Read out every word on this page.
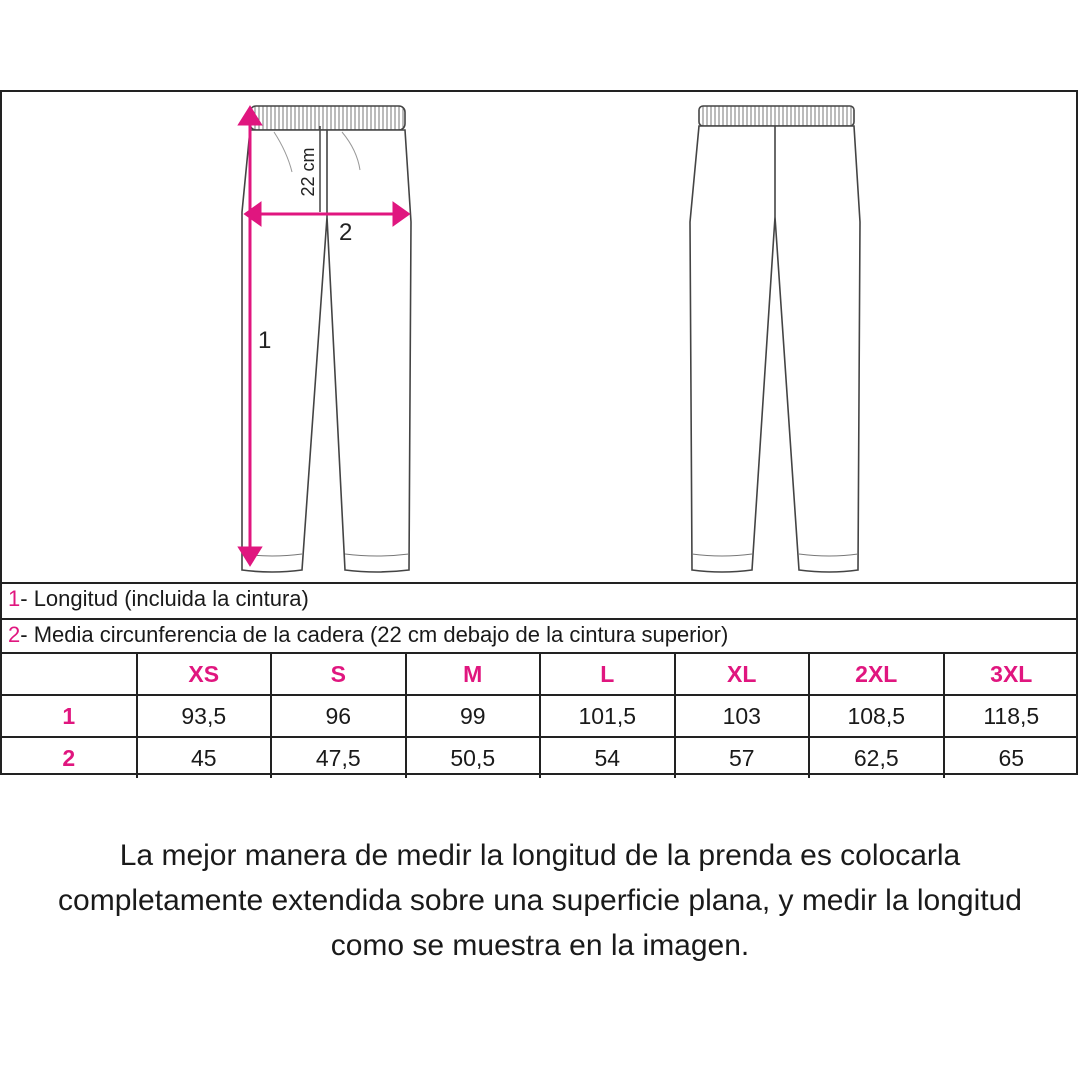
22 cm
2
1
1- Longitud (incluida la cintura)
2- Media circunferencia de la cadera (22 cm debajo de la cintura superior)
	XS	S	M	L	XL	2XL	3XL
1	93,5	96	99	101,5	103	108,5	118,5
2	45	47,5	50,5	54	57	62,5	65

La mejor manera de medir la longitud de la prenda es colocarla completamente extendida sobre una superficie plana, y medir la longitud como se muestra en la imagen.
